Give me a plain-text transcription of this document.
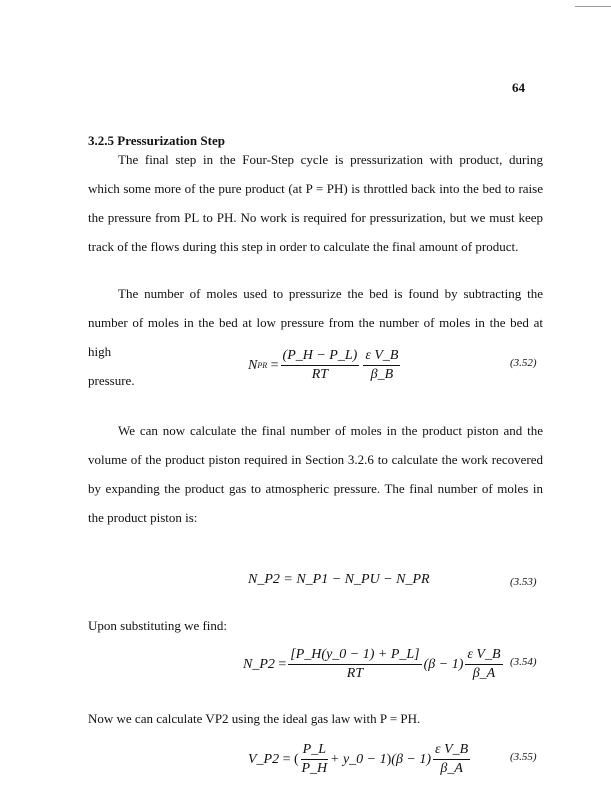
64
3.2.5 Pressurization Step
The final step in the Four-Step cycle is pressurization with product, during
which some more of the pure product (at P = PH) is throttled back into the bed to raise
the pressure from PL to PH. No work is required for pressurization, but we must keep
track of the flows during this step in order to calculate the final amount of product.
The number of moles used to pressurize the bed is found by subtracting the
number of moles in the bed at low pressure from the number of moles in the bed at high
pressure.
N PR
= $\frac{(P\_H - P\_L)}{RT} \frac{\text{ε V\_B}}{\beta\_B}$	(3.52)
We can now calculate the final number of moles in the product piston and the
volume of the product piston required in Section 3.2.6 to calculate the work recovered
by expanding the product gas to atmospheric pressure. The final number of moles in
the product piston is:
N_P2 = N_P1 − N_PU − N_PR	(3.53)
Upon substituting we find:
N_P2
= $\frac{[P\_H(y\_0 - 1) + P\_L]}{RT} (\beta - 1) \frac{\text{ε V\_B}}{\beta\_A} (3.54)$
Now we can calculate VP2 using the ideal gas law with P = PH.
V_P2
= ( $\frac{P\_L}{P\_H}$ + y_0 − 1 ) $(\beta - 1) \frac{\text{ε V\_B}}{\beta\_A}$	(3.55)
